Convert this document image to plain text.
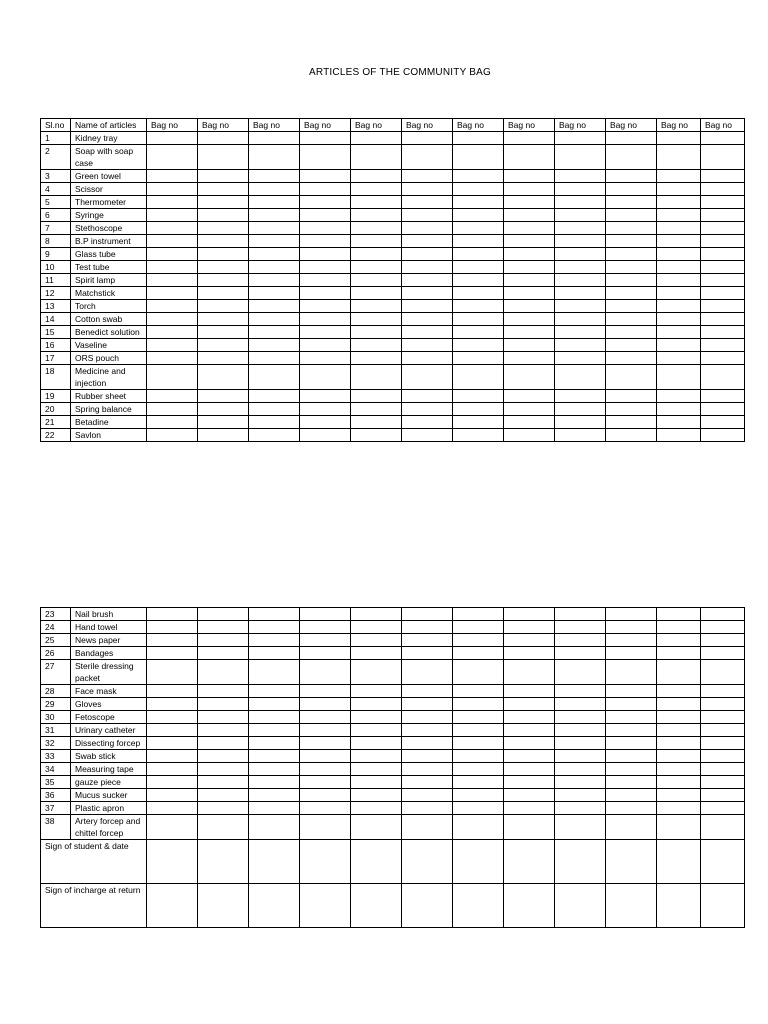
ARTICLES OF THE COMMUNITY BAG
Sl.no	Name of articles	Bag no	Bag no	Bag no	Bag no	Bag no	Bag no	Bag no	Bag no	Bag no	Bag no	Bag no	Bag no
1	Kidney tray												
2	Soap with soap case												
3	Green towel												
4	Scissor												
5	Thermometer												
6	Syringe												
7	Stethoscope												
8	B.P instrument												
9	Glass tube												
10	Test tube												
11	Spirit lamp												
12	Matchstick												
13	Torch												
14	Cotton swab												
15	Benedict solution												
16	Vaseline												
17	ORS pouch												
18	Medicine and injection												
19	Rubber sheet												
20	Spring balance												
21	Betadine												
22	Savlon												
23	Nail brush												
24	Hand towel												
25	News paper												
26	Bandages												
27	Sterile dressing packet												
28	Face mask												
29	Gloves												
30	Fetoscope												
31	Urinary catheter												
32	Dissecting forcep												
33	Swab stick												
34	Measuring tape												
35	gauze piece												
36	Mucus sucker												
37	Plastic apron												
38	Artery forcep and chittel forcep												
Sign of student & date													
Sign of incharge at return													
